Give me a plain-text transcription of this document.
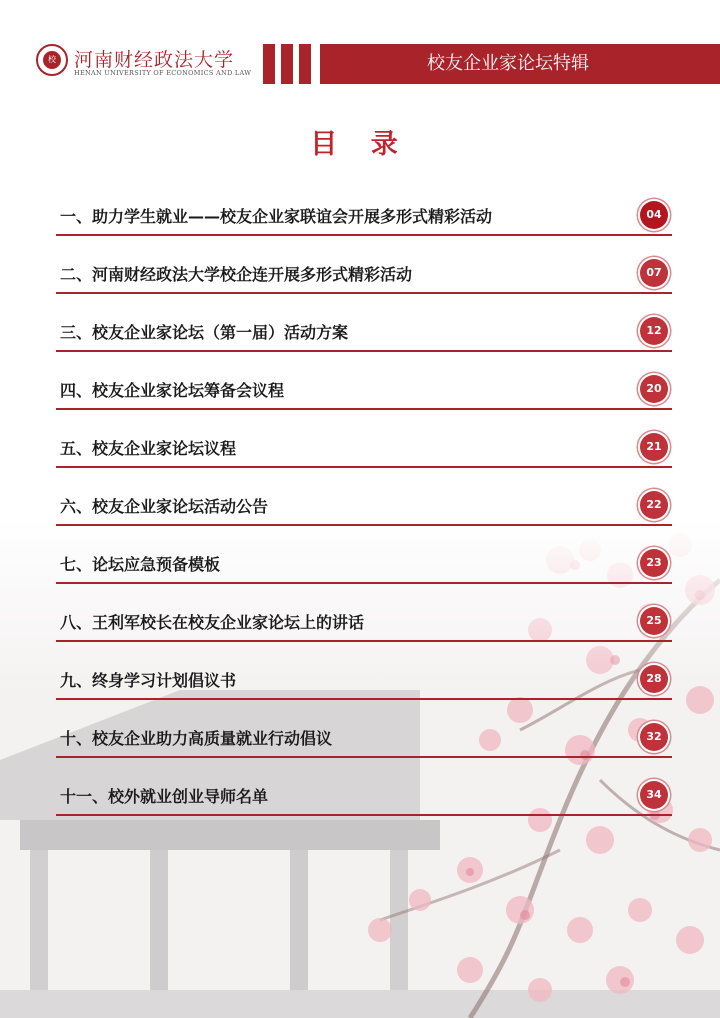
校 河南财经政法大学
HENAN UNIVERSITY OF ECONOMICS AND LAW	校友企业家论坛特辑
目 录
一、助力学生就业——校友企业家联谊会开展多形式精彩活动	04
二、河南财经政法大学校企连开展多形式精彩活动	07
三、校友企业家论坛（第一届）活动方案	12
四、校友企业家论坛筹备会议程	20
五、校友企业家论坛议程	21
六、校友企业家论坛活动公告	22
七、论坛应急预备模板	23
八、王利军校长在校友企业家论坛上的讲话	25
九、终身学习计划倡议书	28
十、校友企业助力高质量就业行动倡议	32
十一、校外就业创业导师名单	34
